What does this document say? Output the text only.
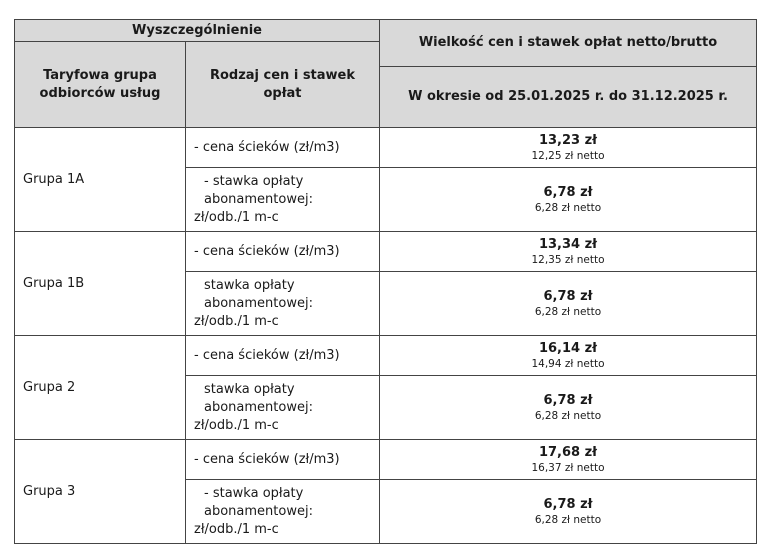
Wyszczególnienie		Wielkość cen i stawek opłat netto/brutto
Taryfowa grupa odbiorców usług	Rodzaj cen i stawek opłat	
		W okresie od 25.01.2025 r. do 31.12.2025 r.
Grupa 1A	- cena ścieków (zł/m3)	13,23 zł
12,25 zł netto

	- stawka opłaty
abonamentowej:
zł/odb./1 m-c	6,78 zł
6,28 zł netto

Grupa 1B	- cena ścieków (zł/m3)	13,34 zł
12,35 zł netto

	stawka opłaty
abonamentowej:
zł/odb./1 m-c	6,78 zł
6,28 zł netto

Grupa 2	- cena ścieków (zł/m3)	16,14 zł
14,94 zł netto

	stawka opłaty
abonamentowej:
zł/odb./1 m-c	6,78 zł
6,28 zł netto

Grupa 3	- cena ścieków (zł/m3)	17,68 zł
16,37 zł netto

	- stawka opłaty
abonamentowej:
zł/odb./1 m-c	6,78 zł
6,28 zł netto
